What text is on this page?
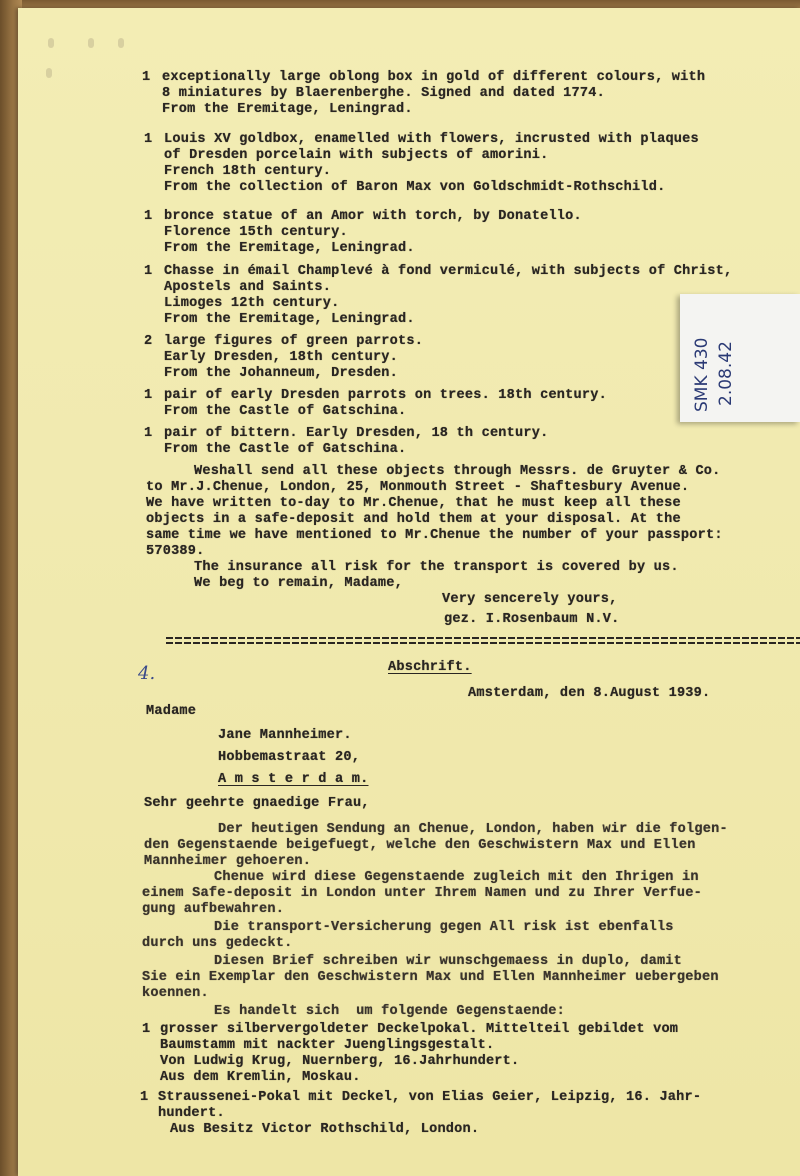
1 exceptionally large oblong box in gold of different colours, with
8 miniatures by Blaerenberghe. Signed and dated 1774.
From the Eremitage, Leningrad.
1 Louis XV goldbox, enamelled with flowers, incrusted with plaques
of Dresden porcelain with subjects of amorini.
French 18th century.
From the collection of Baron Max von Goldschmidt-Rothschild.
1 bronce statue of an Amor with torch, by Donatello.
Florence 15th century.
From the Eremitage, Leningrad.
1 Chasse in émail Champlevé à fond vermiculé, with subjects of Christ,
Apostels and Saints.
Limoges 12th century.
From the Eremitage, Leningrad.
2 large figures of green parrots.
Early Dresden, 18th century.
From the Johanneum, Dresden.
1 pair of early Dresden parrots on trees. 18th century.
From the Castle of Gatschina.
1 pair of bittern. Early Dresden, 18 th century.
From the Castle of Gatschina.
Weshall send all these objects through Messrs. de Gruyter & Co.
to Mr.J.Chenue, London, 25, Monmouth Street - Shaftesbury Avenue.
We have written to-day to Mr.Chenue, that he must keep all these
objects in a safe-deposit and hold them at your disposal. At the
same time we have mentioned to Mr.Chenue the number of your passport:
570389.
The insurance all risk for the transport is covered by us.
We beg to remain, Madame,
Very sencerely yours,
gez. I.Rosenbaum N.V.
4.	Abschrift.
Amsterdam, den 8.August 1939.
Madame
Jane Mannheimer.
Hobbemastraat 20,
A m s t e r d a m.
Sehr geehrte gnaedige Frau,
Der heutigen Sendung an Chenue, London, haben wir die folgen-
den Gegenstaende beigefuegt, welche den Geschwistern Max und Ellen
Mannheimer gehoeren.
Chenue wird diese Gegenstaende zugleich mit den Ihrigen in
einem Safe-deposit in London unter Ihrem Namen und zu Ihrer Verfue-
gung aufbewahren.
Die transport-Versicherung gegen All risk ist ebenfalls
durch uns gedeckt.
Diesen Brief schreiben wir wunschgemaess in duplo, damit
Sie ein Exemplar den Geschwistern Max und Ellen Mannheimer uebergeben
koennen.
Es handelt sich  um folgende Gegenstaende:
1 grosser silbervergoldeter Deckelpokal. Mittelteil gebildet vom
Baumstamm mit nackter Juenglingsgestalt.
Von Ludwig Krug, Nuernberg, 16.Jahrhundert.
Aus dem Kremlin, Moskau.
1 Straussenei-Pokal mit Deckel, von Elias Geier, Leipzig, 16. Jahr-
hundert.
Aus Besitz Victor Rothschild, London.
SMK 430 2.08.42
